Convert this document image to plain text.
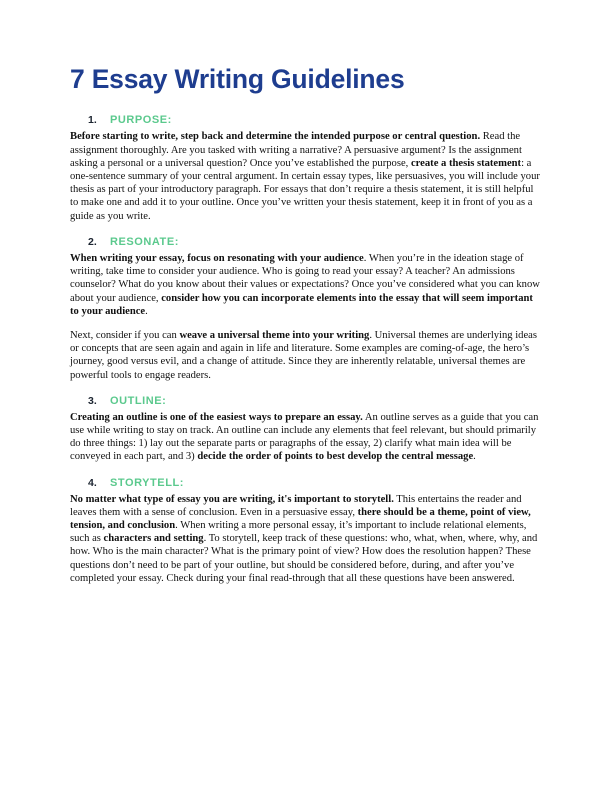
7 Essay Writing Guidelines
1.	PURPOSE:

Before starting to write, step back and determine the intended purpose or central question. Read the assignment thoroughly. Are you tasked with writing a narrative? A persuasive argument? Is the assignment asking a personal or a universal question? Once you’ve established the purpose, create a thesis statement: a one-sentence summary of your central argument. In certain essay types, like persuasives, you will include your thesis as part of your introductory paragraph. For essays that don’t require a thesis statement, it is still helpful to make one and add it to your outline. Once you’ve written your thesis statement, keep it in front of you as a guide as you write.

2.	RESONATE:

When writing your essay, focus on resonating with your audience. When you’re in the ideation stage of writing, take time to consider your audience. Who is going to read your essay? A teacher? An admissions counselor? What do you know about their values or expectations? Once you’ve considered what you can know about your audience, consider how you can incorporate elements into the essay that will seem important to your audience.

Next, consider if you can weave a universal theme into your writing. Universal themes are underlying ideas or concepts that are seen again and again in life and literature. Some examples are coming-of-age, the hero’s journey, good versus evil, and a change of attitude. Since they are inherently relatable, universal themes are powerful tools to engage readers.

3.	OUTLINE:

Creating an outline is one of the easiest ways to prepare an essay. An outline serves as a guide that you can use while writing to stay on track. An outline can include any elements that feel relevant, but should primarily do three things: 1) lay out the separate parts or paragraphs of the essay, 2) clarify what main idea will be conveyed in each part, and 3) decide the order of points to best develop the central message.

4.	STORYTELL:

No matter what type of essay you are writing, it's important to storytell. This entertains the reader and leaves them with a sense of conclusion. Even in a persuasive essay, there should be a theme, point of view, tension, and conclusion. When writing a more personal essay, it’s important to include relational elements, such as characters and setting. To storytell, keep track of these questions: who, what, when, where, why, and how. Who is the main character? What is the primary point of view? How does the resolution happen? These questions don’t need to be part of your outline, but should be considered before, during, and after you’ve completed your essay. Check during your final read-through that all these questions have been answered.
